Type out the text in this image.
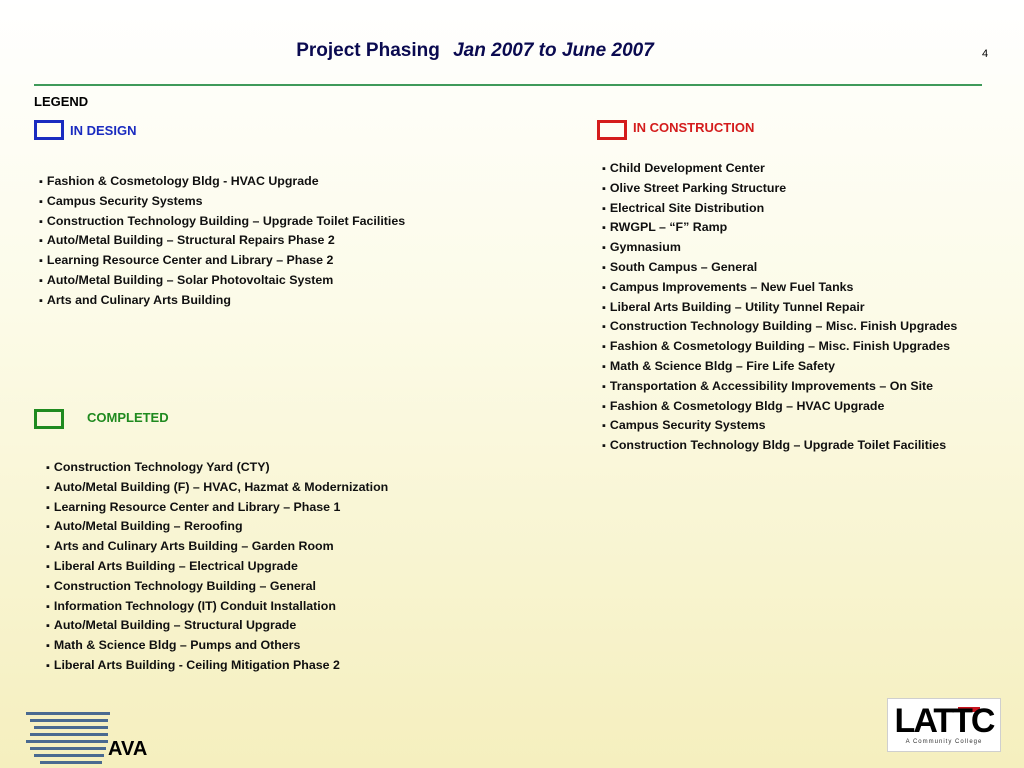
Project Phasing Jan 2007 to June 2007	4
LEGEND
IN DESIGN
▪ Fashion & Cosmetology Bldg - HVAC Upgrade
▪ Campus Security Systems
▪ Construction Technology Building – Upgrade Toilet Facilities
▪ Auto/Metal Building – Structural Repairs Phase 2
▪ Learning Resource Center and Library – Phase 2
▪ Auto/Metal Building – Solar Photovoltaic System
▪ Arts and Culinary Arts Building
IN CONSTRUCTION
▪ Child Development Center
▪ Olive Street Parking Structure
▪ Electrical Site Distribution
▪ RWGPL – “F” Ramp
▪ Gymnasium
▪ South Campus – General
▪ Campus Improvements – New Fuel Tanks
▪ Liberal Arts Building – Utility Tunnel Repair
▪ Construction Technology Building – Misc. Finish Upgrades
▪ Fashion & Cosmetology Building – Misc. Finish Upgrades
▪ Math & Science Bldg – Fire Life Safety
▪ Transportation & Accessibility Improvements – On Site
▪ Fashion & Cosmetology Bldg – HVAC Upgrade
▪ Campus Security Systems
▪ Construction Technology Bldg – Upgrade Toilet Facilities
COMPLETED
▪ Construction Technology Yard (CTY)
▪ Auto/Metal Building (F) – HVAC, Hazmat & Modernization
▪ Learning Resource Center and Library – Phase 1
▪ Auto/Metal Building – Reroofing
▪ Arts and Culinary Arts Building – Garden Room
▪ Liberal Arts Building – Electrical Upgrade
▪ Construction Technology Building – General
▪ Information Technology (IT) Conduit Installation
▪ Auto/Metal Building – Structural Upgrade
▪ Math & Science Bldg – Pumps and Others
▪ Liberal Arts Building - Ceiling Mitigation Phase 2
AVA
LATTC
A Community College
